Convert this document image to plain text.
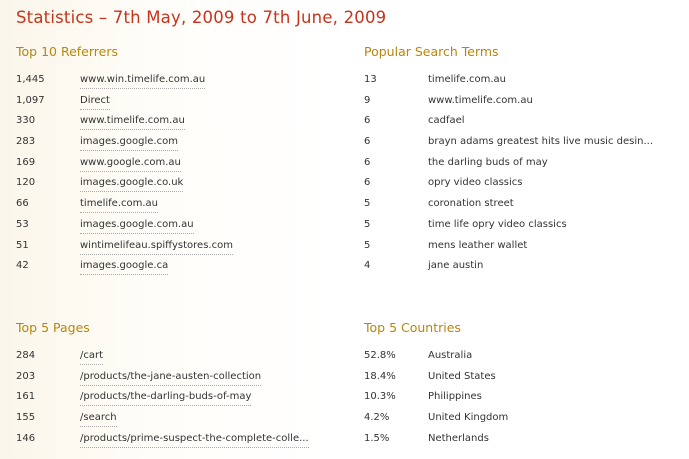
Statistics – 7th May, 2009 to 7th June, 2009
Top 10 Referrers
1,445	www.win.timelife.com.au
1,097	Direct
330	www.timelife.com.au
283	images.google.com
169	www.google.com.au
120	images.google.co.uk
66	timelife.com.au
53	images.google.com.au
51	wintimelifeau.spiffystores.com
42	images.google.ca
Popular Search Terms
13	timelife.com.au
9	www.timelife.com.au
6	cadfael
6	brayn adams greatest hits live music desin...
6	the darling buds of may
6	opry video classics
5	coronation street
5	time life opry video classics
5	mens leather wallet
4	jane austin
Top 5 Pages
284	/cart
203	/products/the-jane-austen-collection
161	/products/the-darling-buds-of-may
155	/search
146	/products/prime-suspect-the-complete-colle...
Top 5 Countries
52.8%	Australia
18.4%	United States
10.3%	Philippines
4.2%	United Kingdom
1.5%	Netherlands
